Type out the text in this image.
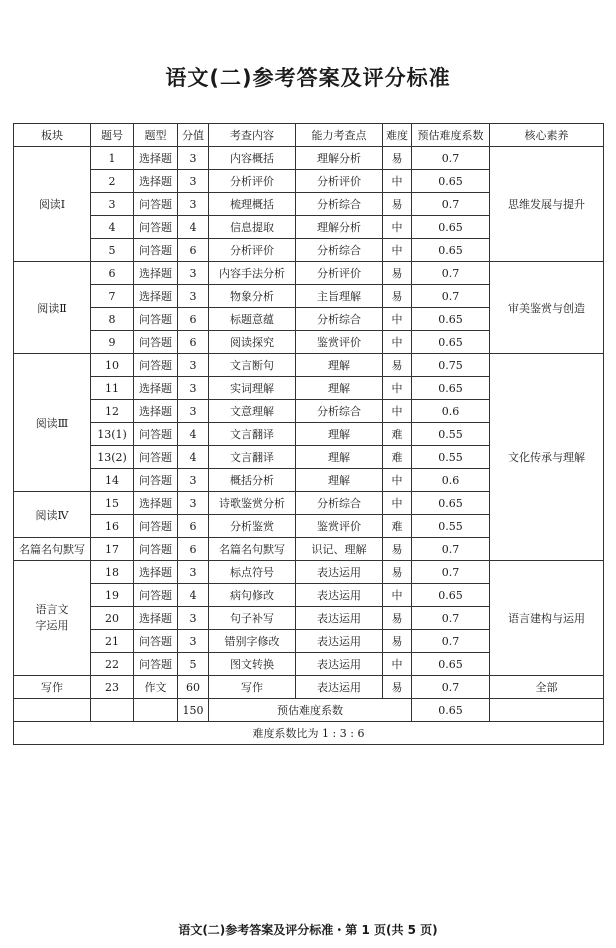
语文(二)参考答案及评分标准
板块	题号	题型	分值	考查内容	能力考查点	难度	预估难度系数	核心素养
阅读Ⅰ	1	选择题	3	内容概括	理解分析	易	0.7	思维发展与提升
	2	选择题	3	分析评价	分析评价	中	0.65	
	3	问答题	3	梳理概括	分析综合	易	0.7	
	4	问答题	4	信息提取	理解分析	中	0.65	
	5	问答题	6	分析评价	分析综合	中	0.65	
阅读Ⅱ	6	选择题	3	内容手法分析	分析评价	易	0.7	审美鉴赏与创造
	7	选择题	3	物象分析	主旨理解	易	0.7	
	8	问答题	6	标题意蕴	分析综合	中	0.65	
	9	问答题	6	阅读探究	鉴赏评价	中	0.65	
阅读Ⅲ	10	问答题	3	文言断句	理解	易	0.75	文化传承与理解
	11	选择题	3	实词理解	理解	中	0.65	
	12	选择题	3	文意理解	分析综合	中	0.6	
	13(1)	问答题	4	文言翻译	理解	难	0.55	
	13(2)	问答题	4	文言翻译	理解	难	0.55	
	14	问答题	3	概括分析	理解	中	0.6	
阅读Ⅳ	15	选择题	3	诗歌鉴赏分析	分析综合	中	0.65	
	16	问答题	6	分析鉴赏	鉴赏评价	难	0.55	
名篇名句默写	17	问答题	6	名篇名句默写	识记、理解	易	0.7	
语言文字运用	18	选择题	3	标点符号	表达运用	易	0.7	语言建构与运用
	19	问答题	4	病句修改	表达运用	中	0.65	
	20	选择题	3	句子补写	表达运用	易	0.7	
	21	问答题	3	错别字修改	表达运用	易	0.7	
	22	问答题	5	图文转换	表达运用	中	0.65	
写作	23	作文	60	写作	表达运用	易	0.7	全部
			150	预估难度系数			0.65	
难度系数比为 1 : 3 : 6								
语文(二)参考答案及评分标准・第 1 页(共 5 页)
